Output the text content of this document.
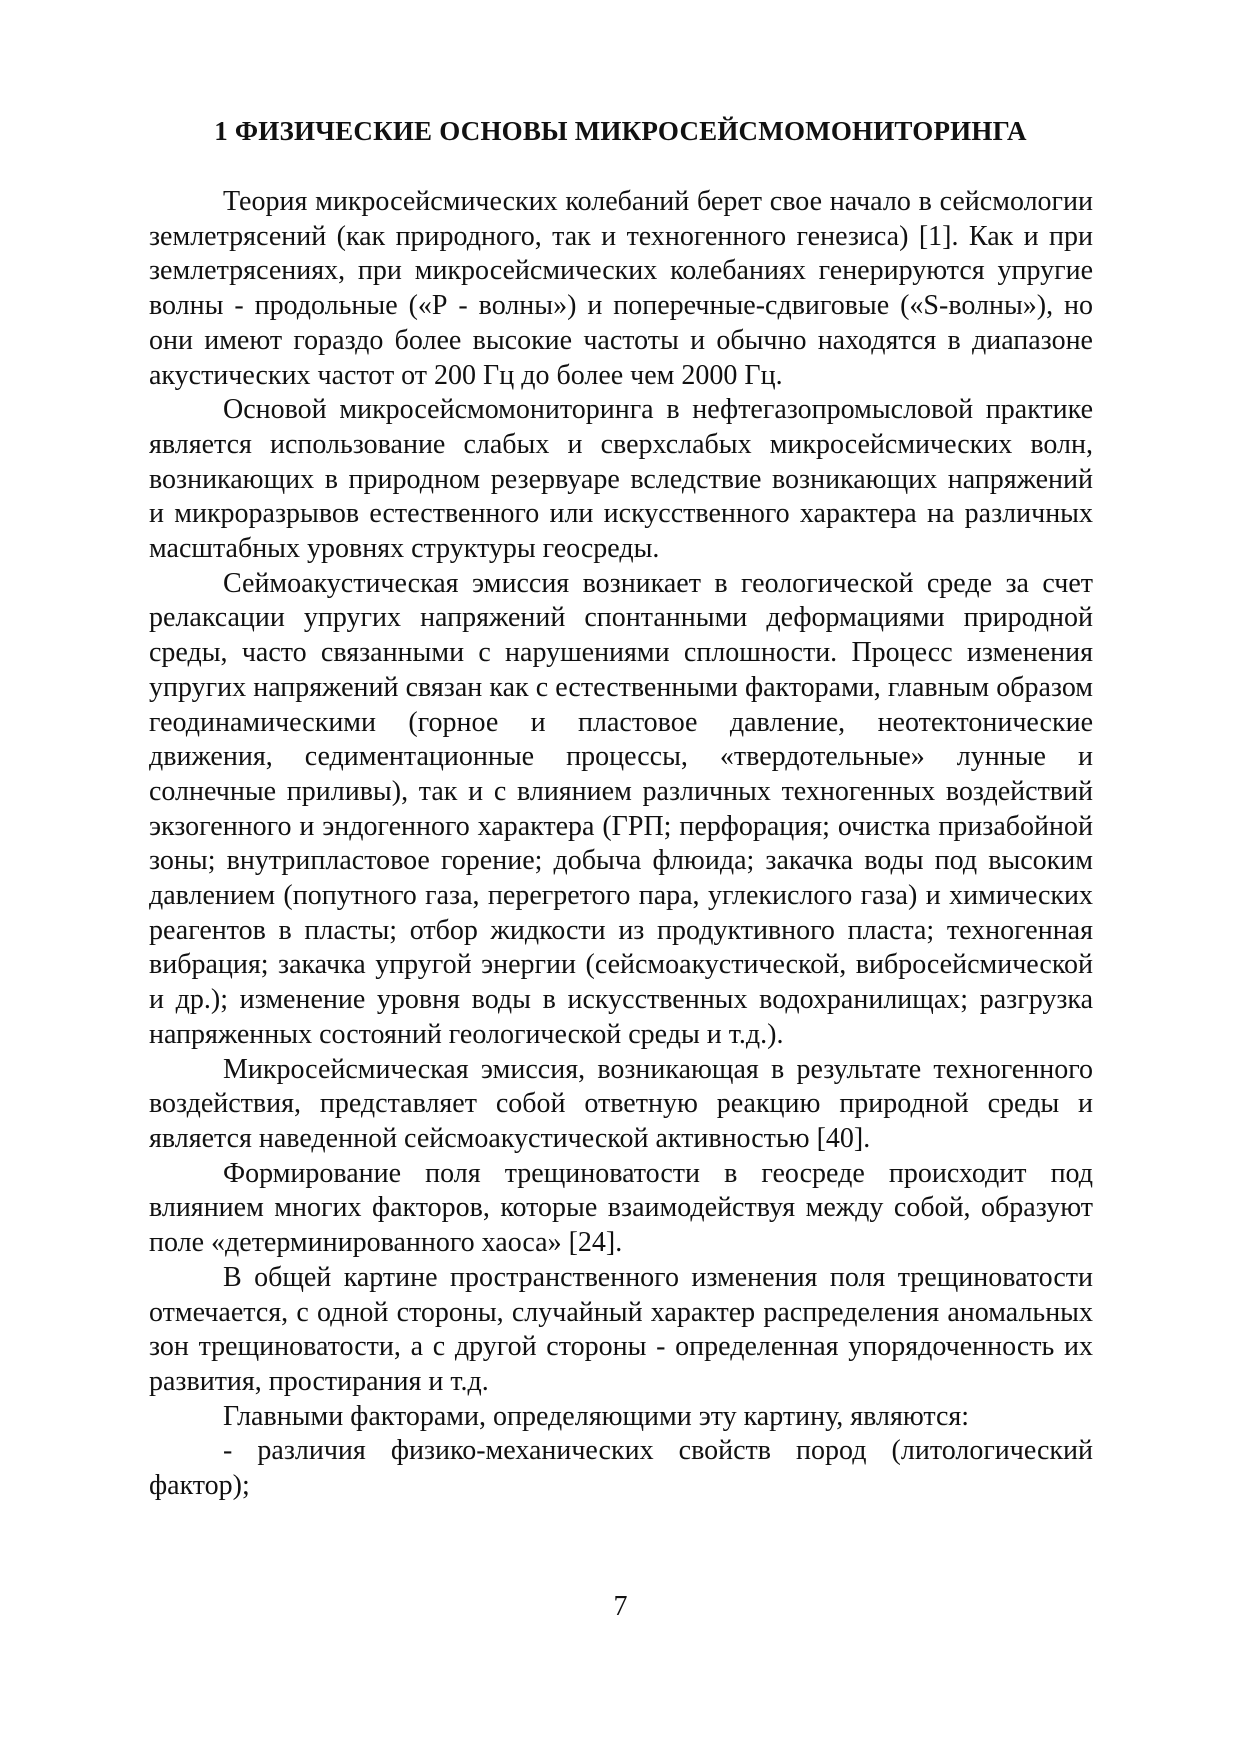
1 ФИЗИЧЕСКИЕ ОСНОВЫ МИКРОСЕЙСМОМОНИТОРИНГА

Теория микросейсмических колебаний берет свое начало в сейсмологии землетрясений (как природного, так и техногенного генезиса) [1]. Как и при землетрясениях, при микросейсмических колебаниях генерируются упругие волны - продольные («Р - волны») и поперечные-сдвиговые («S-волны»), но они имеют гораздо более высокие частоты и обычно находятся в диапазоне акустических частот от 200 Гц до более чем 2000 Гц.

Основой микросейсмомониторинга в нефтегазопромысловой практике является использование слабых и сверхслабых микросейсмических волн, возникающих в природном резервуаре вследствие возникающих напряжений и микроразрывов естественного или искусственного характера на различных масштабных уровнях структуры геосреды.

Сеймоакустическая эмиссия возникает в геологической среде за счет релаксации упругих напряжений спонтанными деформациями природной среды, часто связанными с нарушениями сплошности. Процесс изменения упругих напряжений связан как с естественными факторами, главным образом геодинамическими (горное и пластовое давление, неотектонические движения, седиментационные процессы, «твердотельные» лунные и солнечные приливы), так и с влиянием различных техногенных воздействий экзогенного и эндогенного характера (ГРП; перфорация; очистка призабойной зоны; внутрипластовое горение; добыча флюида; закачка воды под высоким давлением (попутного газа, перегретого пара, углекислого газа) и химических реагентов в пласты; отбор жидкости из продуктивного пласта; техногенная вибрация; закачка упругой энергии (сейсмоакустической, вибросейсмической и др.); изменение уровня воды в искусственных водохранилищах; разгрузка напряженных состояний геологической среды и т.д.).

Микросейсмическая эмиссия, возникающая в результате техногенного воздействия, представляет собой ответную реакцию природной среды и является наведенной сейсмоакустической активностью [40].

Формирование поля трещиноватости в геосреде происходит под влиянием многих факторов, которые взаимодействуя между собой, образуют поле «детерминированного хаоса» [24].

В общей картине пространственного изменения поля трещиноватости отмечается, с одной стороны, случайный характер распределения аномальных зон трещиноватости, а с другой стороны - определенная упорядоченность их развития, простирания и т.д.

Главными факторами, определяющими эту картину, являются:

- различия физико-механических свойств пород (литологический фактор);

7
